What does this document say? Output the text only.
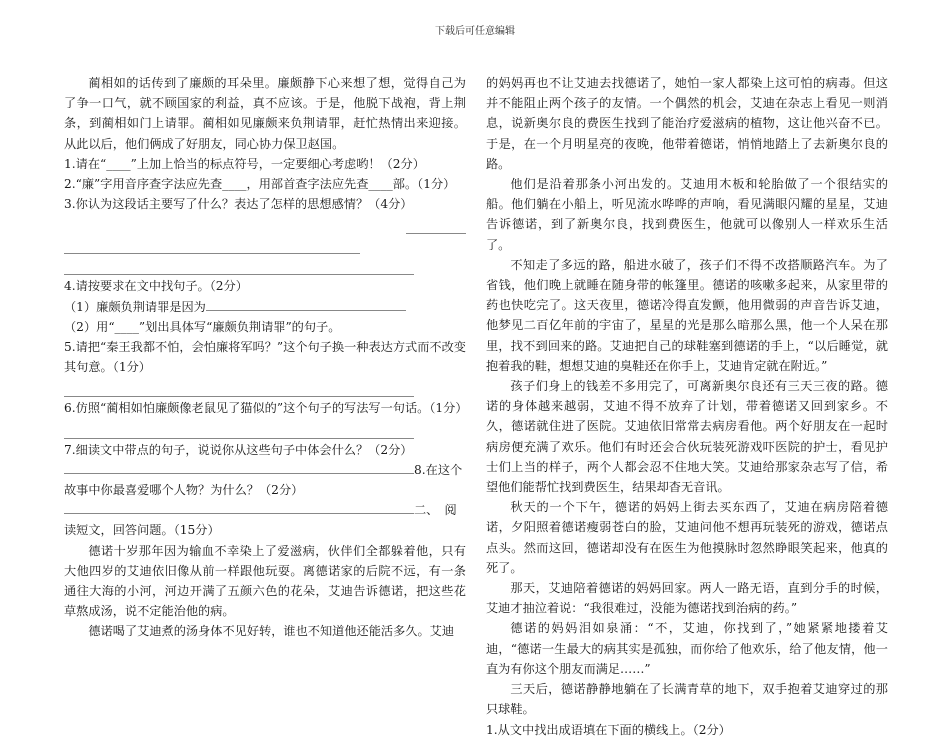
下载后可任意编辑

蔺相如的话传到了廉颇的耳朵里。廉颇静下心来想了想，觉得自己为了争一口气，就不顾国家的利益，真不应该。于是，他脱下战袍，背上荆条，到蔺相如门上请罪。蔺相如见廉颇来负荆请罪，赶忙热情出来迎接。从此以后，他们俩成了好朋友，同心协力保卫赵国。

1.请在“____”上加上恰当的标点符号，一定要细心考虑哟！（2分）

2.“廉”字用音序查字法应先查____，用部首查字法应先查____部。（1分）

3.你认为这段话主要写了什么？表达了怎样的思想感情？（4分）

4.请按要求在文中找句子。（2分）

（1）廉颇负荆请罪是因为

（2）用“____”划出具体写“廉颇负荆请罪”的句子。

5.请把“秦王我都不怕，会怕廉将军吗？”这个句子换一种表达方式而不改变其句意。（1分）

6.仿照“蔺相如怕廉颇像老鼠见了猫似的”这个句子的写法写一句话。（1分）

7.细读文中带点的句子，说说你从这些句子中体会什么？（2分）

8.在这个

故事中你最喜爱哪个人物？为什么？（2分）

二、　阅

读短文，回答问题。（15分）

德诺十岁那年因为输血不幸染上了爱滋病，伙伴们全都躲着他，只有大他四岁的艾迪依旧像从前一样跟他玩耍。离德诺家的后院不远，有一条通往大海的小河，河边开满了五颜六色的花朵，艾迪告诉德诺，把这些花草熬成汤，说不定能治他的病。

德诺喝了艾迪煮的汤身体不见好转，谁也不知道他还能活多久。艾迪

的妈妈再也不让艾迪去找德诺了，她怕一家人都染上这可怕的病毒。但这并不能阻止两个孩子的友情。一个偶然的机会，艾迪在杂志上看见一则消息，说新奥尔良的费医生找到了能治疗爱滋病的植物，这让他兴奋不已。于是，在一个月明星亮的夜晚，他带着德诺，悄悄地踏上了去新奥尔良的路。

他们是沿着那条小河出发的。艾迪用木板和轮胎做了一个很结实的船。他们躺在小船上，听见流水哗哗的声响，看见满眼闪耀的星星，艾迪告诉德诺，到了新奥尔良，找到费医生，他就可以像别人一样欢乐生活了。

不知走了多远的路，船进水破了，孩子们不得不改搭顺路汽车。为了省钱，他们晚上就睡在随身带的帐篷里。德诺的咳嗽多起来，从家里带的药也快吃完了。这天夜里，德诺冷得直发颤，他用微弱的声音告诉艾迪，他梦见二百亿年前的宇宙了，星星的光是那么暗那么黑，他一个人呆在那里，找不到回来的路。艾迪把自己的球鞋塞到德诺的手上，“以后睡觉，就抱着我的鞋，想想艾迪的臭鞋还在你手上，艾迪肯定就在附近。”

孩子们身上的钱差不多用完了，可离新奥尔良还有三天三夜的路。德诺的身体越来越弱，艾迪不得不放弃了计划，带着德诺又回到家乡。不久，德诺就住进了医院。艾迪依旧常常去病房看他。两个好朋友在一起时病房便充满了欢乐。他们有时还会合伙玩装死游戏吓医院的护士，看见护士们上当的样子，两个人都会忍不住地大笑。艾迪给那家杂志写了信，希望他们能帮忙找到费医生，结果却杳无音讯。

秋天的一个下午，德诺的妈妈上街去买东西了，艾迪在病房陪着德诺，夕阳照着德诺瘦弱苍白的脸，艾迪问他不想再玩装死的游戏，德诺点点头。然而这回，德诺却没有在医生为他摸脉时忽然睁眼笑起来，他真的死了。

那天，艾迪陪着德诺的妈妈回家。两人一路无语，直到分手的时候，艾迪才抽泣着说：“我很难过，没能为德诺找到治病的药。”

德诺的妈妈泪如泉涌：“不，艾迪，你找到了，”她紧紧地搂着艾迪，“德诺一生最大的病其实是孤独，而你给了他欢乐，给了他友情，他一直为有你这个朋友而满足……”

三天后，德诺静静地躺在了长满青草的地下，双手抱着艾迪穿过的那只球鞋。

1.从文中找出成语填在下面的横线上。（2分）
